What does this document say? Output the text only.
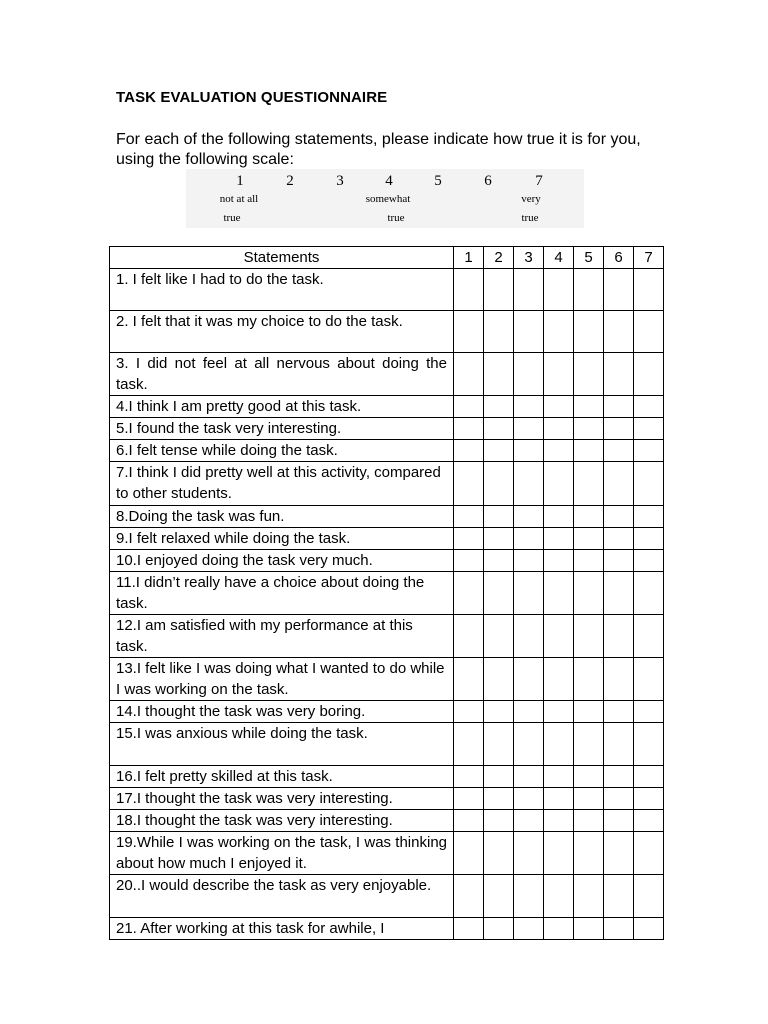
TASK EVALUATION QUESTIONNAIRE
For each of the following statements, please indicate how true it is for you, using the following scale:
1	2	3	4	5	6	7
not at all
true
somewhat
true
very
true
Statements	1	2	3	4	5	6	7
1. I felt like I had to do the task.							
2. I felt that it was my choice to do the task.							
3. I did not feel at all nervous about doing the task.							
4.I think I am pretty good at this task.							
5.I found the task very interesting.							
6.I felt tense while doing the task.							
7.I think I did pretty well at this activity, compared to other students.							
8.Doing the task was fun.							
9.I felt relaxed while doing the task.							
10.I enjoyed doing the task very much.							
11.I didn’t really have a choice about doing the task.							
12.I am satisfied with my performance at this task.							
13.I felt like I was doing what I wanted to do while I was working on the task.							
14.I thought the task was very boring.							
15.I was anxious while doing the task.							
16.I felt pretty skilled at this task.							
17.I thought the task was very interesting.							
18.I thought the task was very interesting.							
19.While I was working on the task, I was thinking about how much I enjoyed it.							
20..I would describe the task as very enjoyable.							
21. After working at this task for awhile, I							
